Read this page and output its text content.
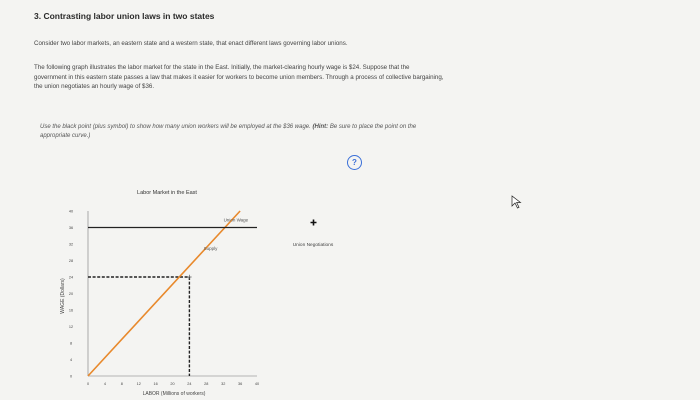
3. Contrasting labor union laws in two states
Consider two labor markets, an eastern state and a western state, that enact different laws governing labor unions.
The following graph illustrates the labor market for the state in the East. Initially, the market-clearing hourly wage is $24. Suppose that the
government in this eastern state passes a law that makes it easier for workers to become union members. Through a process of collective bargaining,
the union negotiates an hourly wage of $36.
Use the black point (plus symbol) to show how many union workers will be employed at the $36 wage. (Hint: Be sure to place the point on the
appropriate curve.)
?
Labor Market in the East
0
4
8
12
16
20
24
28
32
36
40
0	4	8	12	16	20	24	28	32	36	40
Supply
Union Wage
LABOR (Millions of workers)
WAGE (Dollars)
Union Negotiations
